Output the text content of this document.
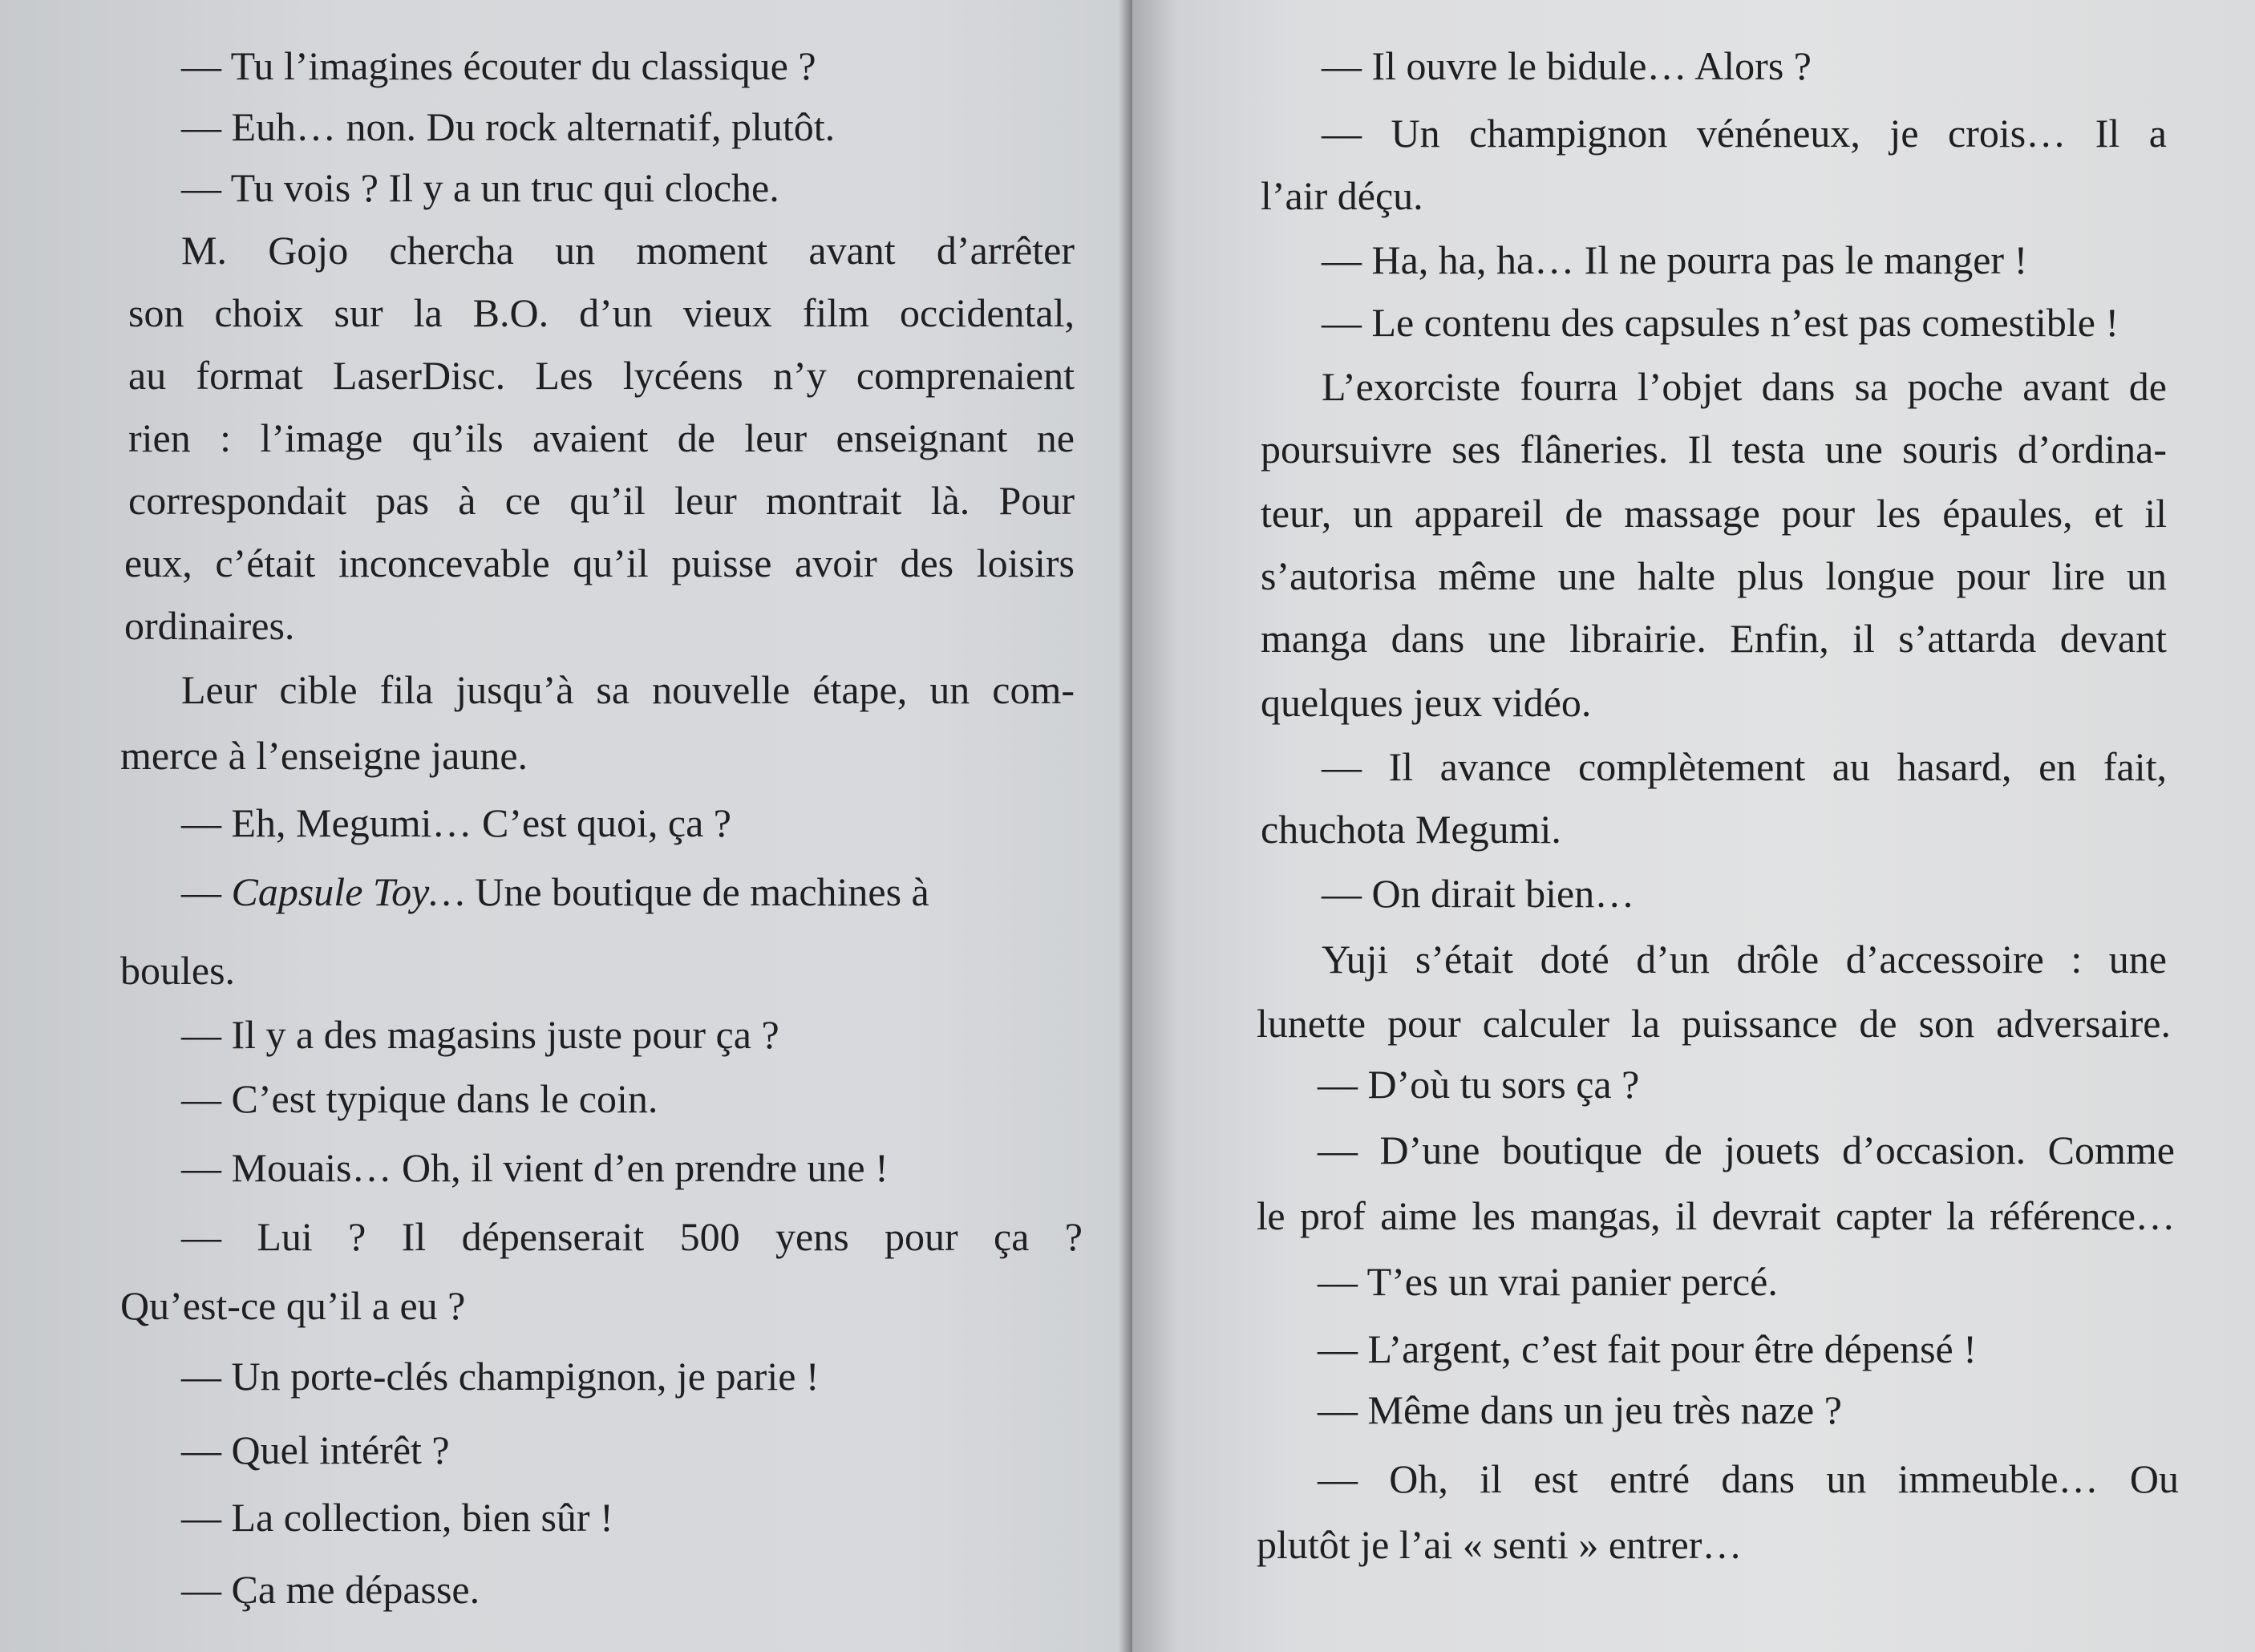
— Tu l’imagines écouter du classique ?
— Euh… non. Du rock alternatif, plutôt.
— Tu vois ? Il y a un truc qui cloche.
M. Gojo chercha un moment avant d’arrêter
son choix sur la B.O. d’un vieux film occidental,
au format LaserDisc. Les lycéens n’y comprenaient
rien : l’image qu’ils avaient de leur enseignant ne
correspondait pas à ce qu’il leur montrait là. Pour
eux, c’était inconcevable qu’il puisse avoir des loisirs
ordinaires.
Leur cible fila jusqu’à sa nouvelle étape, un com-
merce à l’enseigne jaune.
— Eh, Megumi… C’est quoi, ça ?
— Capsule Toy… Une boutique de machines à
boules.
— Il y a des magasins juste pour ça ?
— C’est typique dans le coin.
— Mouais… Oh, il vient d’en prendre une !
— Lui ? Il dépenserait 500 yens pour ça ?
Qu’est-ce qu’il a eu ?
— Un porte-clés champignon, je parie !
— Quel intérêt ?
— La collection, bien sûr !
— Ça me dépasse.
— Il ouvre le bidule… Alors ?
— Un champignon vénéneux, je crois… Il a
l’air déçu.
— Ha, ha, ha… Il ne pourra pas le manger !
— Le contenu des capsules n’est pas comestible !
L’exorciste fourra l’objet dans sa poche avant de
poursuivre ses flâneries. Il testa une souris d’ordina-
teur, un appareil de massage pour les épaules, et il
s’autorisa même une halte plus longue pour lire un
manga dans une librairie. Enfin, il s’attarda devant
quelques jeux vidéo.
— Il avance complètement au hasard, en fait,
chuchota Megumi.
— On dirait bien…
Yuji s’était doté d’un drôle d’accessoire : une
lunette pour calculer la puissance de son adversaire.
— D’où tu sors ça ?
— D’une boutique de jouets d’occasion. Comme
le prof aime les mangas, il devrait capter la référence…
— T’es un vrai panier percé.
— L’argent, c’est fait pour être dépensé !
— Même dans un jeu très naze ?
— Oh, il est entré dans un immeuble… Ou
plutôt je l’ai « senti » entrer…
